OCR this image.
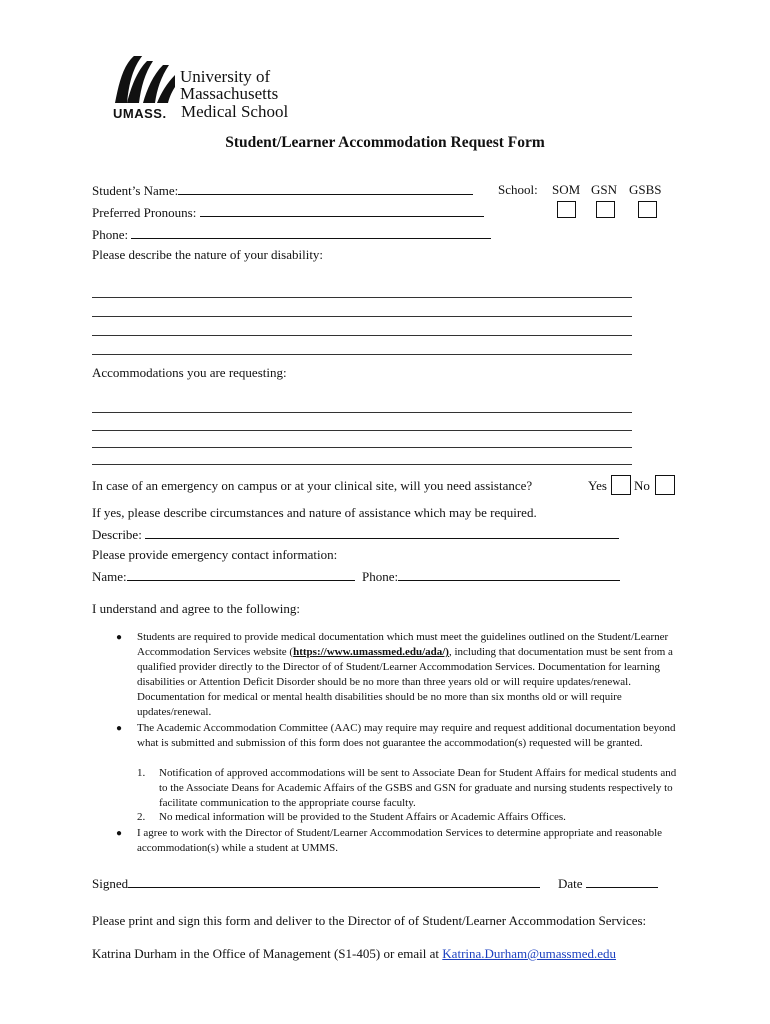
University of
Massachusetts
UMASS. Medical School
Student/Learner Accommodation Request Form
Student’s Name:	School: SOM GSN GSBS
Preferred Pronouns:
Phone:
Please describe the nature of your disability:
Accommodations you are requesting:
In case of an emergency on campus or at your clinical site, will you need assistance?	Yes No
If yes, please describe circumstances and nature of assistance which may be required.
Describe:
Please provide emergency contact information:
Name:	Phone:
I understand and agree to the following:
● Students are required to provide medical documentation which must meet the guidelines outlined on the Student/Learner Accommodation Services website (https://www.umassmed.edu/ada/), including that documentation must be sent from a qualified provider directly to the Director of of Student/Learner Accommodation Services. Documentation for learning disabilities or Attention Deficit Disorder should be no more than three years old or will require updates/renewal. Documentation for medical or mental health disabilities should be no more than six months old or will require updates/renewal.
● The Academic Accommodation Committee (AAC) may require may require and request additional documentation beyond what is submitted and submission of this form does not guarantee the accommodation(s) requested will be granted.
1. Notification of approved accommodations will be sent to Associate Dean for Student Affairs for medical students and to the Associate Deans for Academic Affairs of the GSBS and GSN for graduate and nursing students respectively to facilitate communication to the appropriate course faculty.
2. No medical information will be provided to the Student Affairs or Academic Affairs Offices.
● I agree to work with the Director of Student/Learner Accommodation Services to determine appropriate and reasonable accommodation(s) while a student at UMMS.
Signed	Date
Please print and sign this form and deliver to the Director of of Student/Learner Accommodation Services:
Katrina Durham in the Office of Management (S1-405) or email at Katrina.Durham@umassmed.edu
